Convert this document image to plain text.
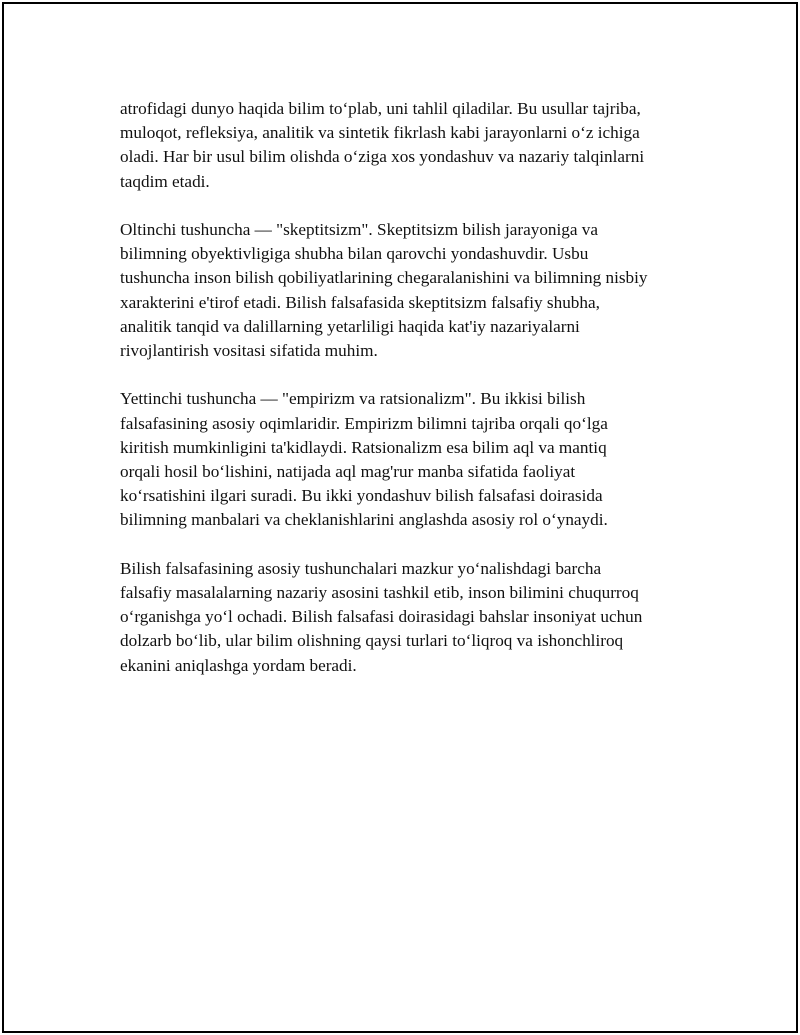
atrofidagi dunyo haqida bilim to‘plab, uni tahlil qiladilar. Bu usullar tajriba,
muloqot, refleksiya, analitik va sintetik fikrlash kabi jarayonlarni o‘z ichiga
oladi. Har bir usul bilim olishda o‘ziga xos yondashuv va nazariy talqinlarni
taqdim etadi.

Oltinchi tushuncha — "skeptitsizm". Skeptitsizm bilish jarayoniga va
bilimning obyektivligiga shubha bilan qarovchi yondashuvdir. Usbu
tushuncha inson bilish qobiliyatlarining chegaralanishini va bilimning nisbiy
xarakterini e'tirof etadi. Bilish falsafasida skeptitsizm falsafiy shubha,
analitik tanqid va dalillarning yetarliligi haqida kat'iy nazariyalarni
rivojlantirish vositasi sifatida muhim.

Yettinchi tushuncha — "empirizm va ratsionalizm". Bu ikkisi bilish
falsafasining asosiy oqimlaridir. Empirizm bilimni tajriba orqali qo‘lga
kiritish mumkinligini ta'kidlaydi. Ratsionalizm esa bilim aql va mantiq
orqali hosil bo‘lishini, natijada aql mag'rur manba sifatida faoliyat
ko‘rsatishini ilgari suradi. Bu ikki yondashuv bilish falsafasi doirasida
bilimning manbalari va cheklanishlarini anglashda asosiy rol o‘ynaydi.

Bilish falsafasining asosiy tushunchalari mazkur yo‘nalishdagi barcha
falsafiy masalalarning nazariy asosini tashkil etib, inson bilimini chuqurroq
o‘rganishga yo‘l ochadi. Bilish falsafasi doirasidagi bahslar insoniyat uchun
dolzarb bo‘lib, ular bilim olishning qaysi turlari to‘liqroq va ishonchliroq
ekanini aniqlashga yordam beradi.
